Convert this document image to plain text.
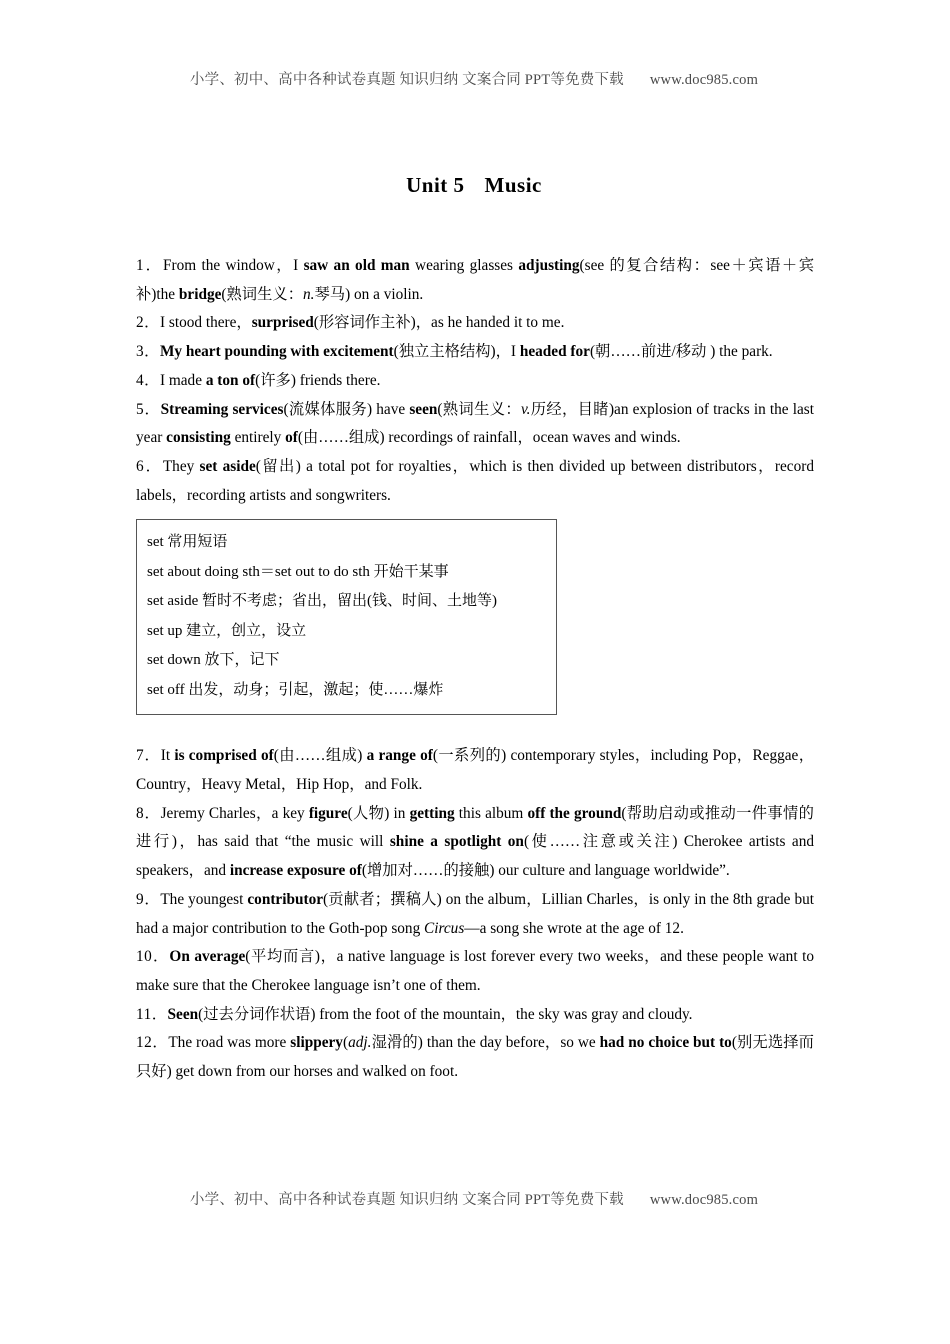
小学、初中、高中各种试卷真题 知识归纳 文案合同 PPT等免费下载 www.doc985.com
Unit 5 Music

1．From the window，I saw an old man wearing glasses adjusting(see 的复合结构：see＋宾语＋宾补)the bridge(熟词生义：n.琴马) on a violin.

2．I stood there，surprised(形容词作主补)，as he handed it to me.

3．My heart pounding with excitement(独立主格结构)，I headed for(朝……前进/移动 ) the park.

4．I made a ton of(许多) friends there.

5．Streaming services(流媒体服务) have seen(熟词生义：v.历经，目睹)an explosion of tracks in the last year consisting entirely of(由……组成) recordings of rainfall，ocean waves and winds.

6．They set aside(留出) a total pot for royalties，which is then divided up between distributors，record labels，recording artists and songwriters.

set 常用短语
set about doing sth＝set out to do sth 开始干某事
set aside 暂时不考虑；省出，留出(钱、时间、土地等)
set up 建立，创立，设立
set down 放下，记下
set off 出发，动身；引起，激起；使……爆炸

7．It is comprised of(由……组成) a range of(一系列的) contemporary styles，including Pop，Reggae，Country，Heavy Metal，Hip Hop，and Folk.

8．Jeremy Charles，a key figure(人物) in getting this album off the ground(帮助启动或推动一件事情的进行)，has said that “the music will shine a spotlight on(使……注意或关注) Cherokee artists and speakers，and increase exposure of(增加对……的接触) our culture and language worldwide”.

9．The youngest contributor(贡献者；撰稿人) on the album，Lillian Charles，is only in the 8th grade but had a major contribution to the Goth-pop song Circus—a song she wrote at the age of 12.

10．On average(平均而言)，a native language is lost forever every two weeks，and these people want to make sure that the Cherokee language isn’t one of them.

11．Seen(过去分词作状语) from the foot of the mountain，the sky was gray and cloudy.

12．The road was more slippery(adj.湿滑的) than the day before，so we had no choice but to(别无选择而只好) get down from our horses and walked on foot.

小学、初中、高中各种试卷真题 知识归纳 文案合同 PPT等免费下载 www.doc985.com
